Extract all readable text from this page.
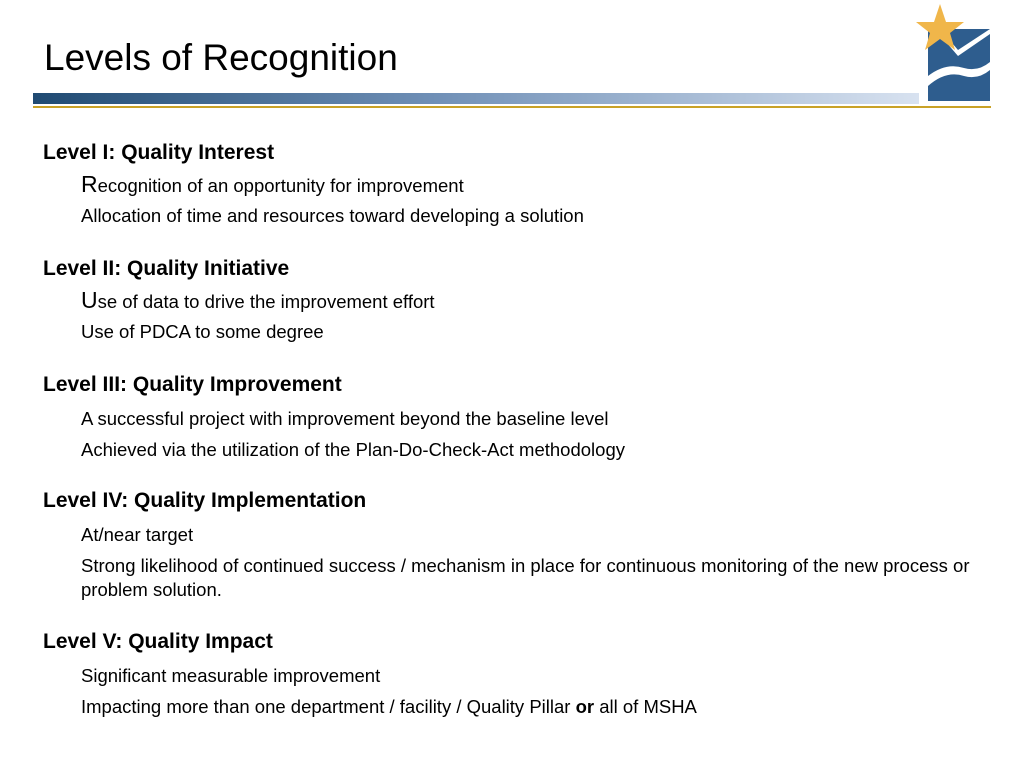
Levels of Recognition

Level I: Quality Interest

Recognition of an opportunity for improvement
Allocation of time and resources toward developing a solution

Level II: Quality Initiative

Use of data to drive the improvement effort
Use of PDCA to some degree

Level III: Quality Improvement

A successful project with improvement beyond the baseline level
Achieved via the utilization of the Plan-Do-Check-Act methodology

Level IV: Quality Implementation

At/near target
Strong likelihood of continued success / mechanism in place for continuous monitoring of the new process or problem solution.

Level V: Quality Impact

Significant measurable improvement
Impacting more than one department / facility / Quality Pillar or all of MSHA
